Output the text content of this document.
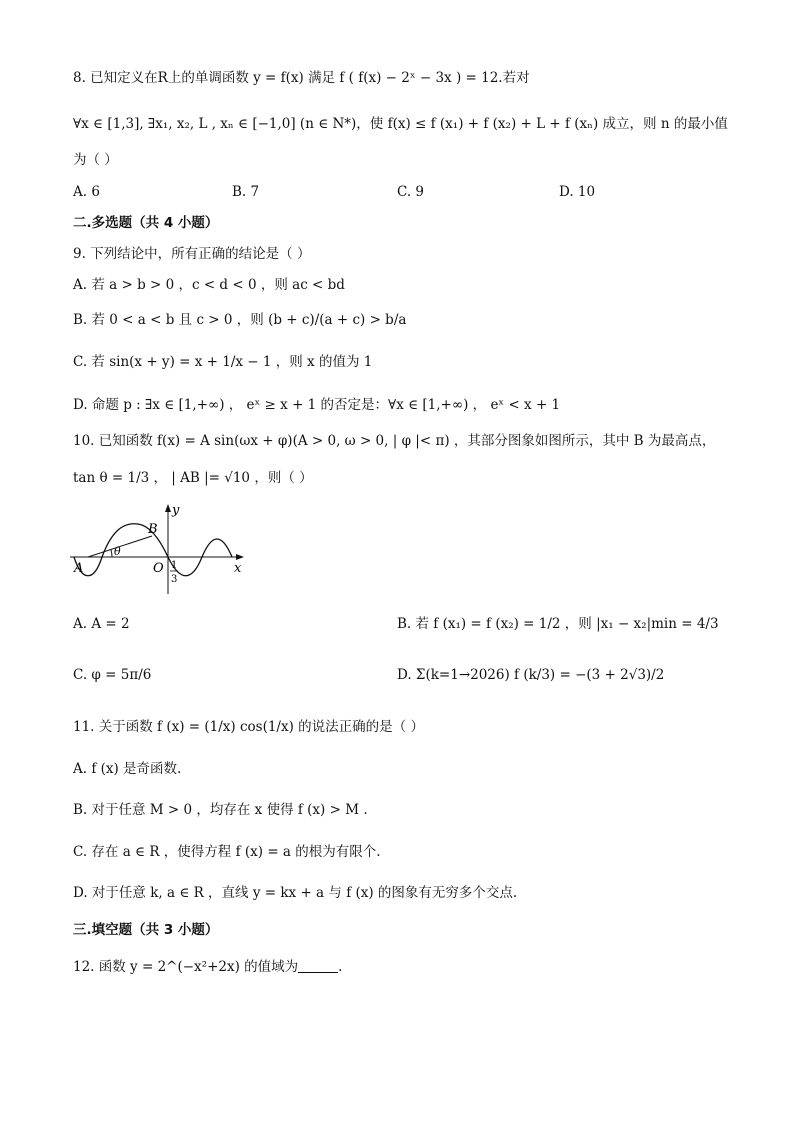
8. 已知定义在R上的单调函数 y = f(x) 满足 f ( f(x) − 2ˣ − 3x ) = 12.若对
∀x ∈ [1,3], ∃x₁, x₂, L , xₙ ∈ [−1,0] (n ∈ N*)，使 f(x) ≤ f (x₁) + f (x₂) + L + f (xₙ) 成立，则 n 的最小值
为（ ）
A. 6	B. 7	C. 9	D. 10
二.多选题（共 4 小题）
9. 下列结论中，所有正确的结论是（ ）
A. 若 a > b > 0 ，c < d < 0 ，则 ac < bd
B. 若 0 < a < b 且 c > 0 ，则 (b + c)/(a + c) > b/a
C. 若 sin(x + y) = x + 1/x − 1 ，则 x 的值为 1
D. 命题 p : ∃x ∈ [1,+∞) ， eˣ ≥ x + 1 的否定是：∀x ∈ [1,+∞) ， eˣ < x + 1
10. 已知函数 f(x) = A sin(ωx + φ)(A > 0, ω > 0, | φ |< π) ，其部分图象如图所示，其中 B 为最高点，
tan θ = 1/3 ， | AB |= √10 ，则（ ）
y
x
B
A	O
θ
1
3
A. A = 2	B. 若 f (x₁) = f (x₂) = 1/2 ，则 |x₁ − x₂|min = 4/3
C. φ = 5π/6	D. Σ(k=1→2026) f (k/3) = −(3 + 2√3)/2
11. 关于函数 f (x) = (1/x) cos(1/x) 的说法正确的是（ ）
A. f (x) 是奇函数.
B. 对于任意 M > 0 ，均存在 x 使得 f (x) > M .
C. 存在 a ∈ R ，使得方程 f (x) = a 的根为有限个.
D. 对于任意 k, a ∈ R ，直线 y = kx + a 与 f (x) 的图象有无穷多个交点.
三.填空题（共 3 小题）
12. 函数 y = 2^(−x²+2x) 的值域为	.
